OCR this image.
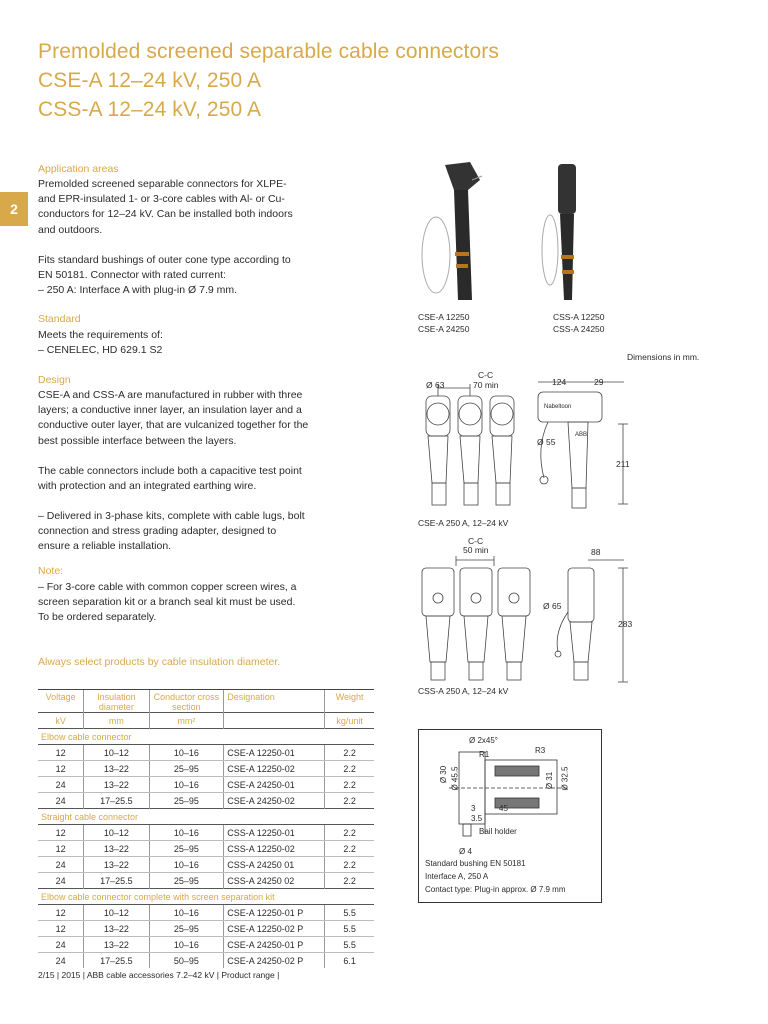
Premolded screened separable cable connectors
CSE-A 12–24 kV, 250 A
CSS-A 12–24 kV, 250 A
2
Application areas
Premolded screened separable connectors for XLPE-
and EPR-insulated 1- or 3-core cables with Al- or Cu-
conductors for 12–24 kV. Can be installed both indoors
and outdoors.
Fits standard bushings of outer cone type according to
EN 50181. Connector with rated current:
– 250 A: Interface A with plug-in Ø 7.9 mm.
Standard
Meets the requirements of:
– CENELEC, HD 629.1 S2
Design
CSE-A and CSS-A are manufactured in rubber with three
layers; a conductive inner layer, an insulation layer and a
conductive outer layer, that are vulcanized together for the
best possible interface between the layers.
The cable connectors include both a capacitive test point
with protection and an integrated earthing wire.
– Delivered in 3-phase kits, complete with cable lugs, bolt
connection and stress grading adapter, designed to
ensure a reliable installation.
Note:
– For 3-core cable with common copper screen wires, a
screen separation kit or a branch seal kit must be used.
To be ordered separately.
Always select products by cable insulation diameter.
CSE-A 12250
CSE-A 24250
CSS-A 12250
CSS-A 24250
Dimensions in mm.
Ø 63
C-C
70 min	124	29
Nabeltoon
ABB
Ø 55
211
CSE-A 250 A, 12–24 kV
C-C
50 min	88
Ø 65
283
CSS-A 250 A, 12–24 kV
Ø 2x45°
R1	R3
Ø 30 Ø 45.5	Ø 31 Ø 32.5
3	45
3.5
Bail holder
Ø 4
Standard bushing EN 50181
Interface A, 250 A
Contact type: Plug-in approx. Ø 7.9 mm
Voltage	Insulation diameter	Conductor cross section	Designation	Weight
kV	mm	mm²		kg/unit
Elbow cable connector				
12	10–12	10–16	CSE-A 12250-01	2.2
12	13–22	25–95	CSE-A 12250-02	2.2
24	13–22	10–16	CSE-A 24250-01	2.2
24	17–25.5	25–95	CSE-A 24250-02	2.2
Straight cable connector				
12	10–12	10–16	CSS-A 12250-01	2.2
12	13–22	25–95	CSS-A 12250-02	2.2
24	13–22	10–16	CSS-A 24250 01	2.2
24	17–25.5	25–95	CSS-A 24250 02	2.2
Elbow cable connector complete with screen separation kit				
12	10–12	10–16	CSE-A 12250-01 P	5.5
12	13–22	25–95	CSE-A 12250-02 P	5.5
24	13–22	10–16	CSE-A 24250-01 P	5.5
24	17–25.5	50–95	CSE-A 24250-02 P	6.1
2/15 | 2015 | ABB cable accessories 7.2–42 kV | Product range |
